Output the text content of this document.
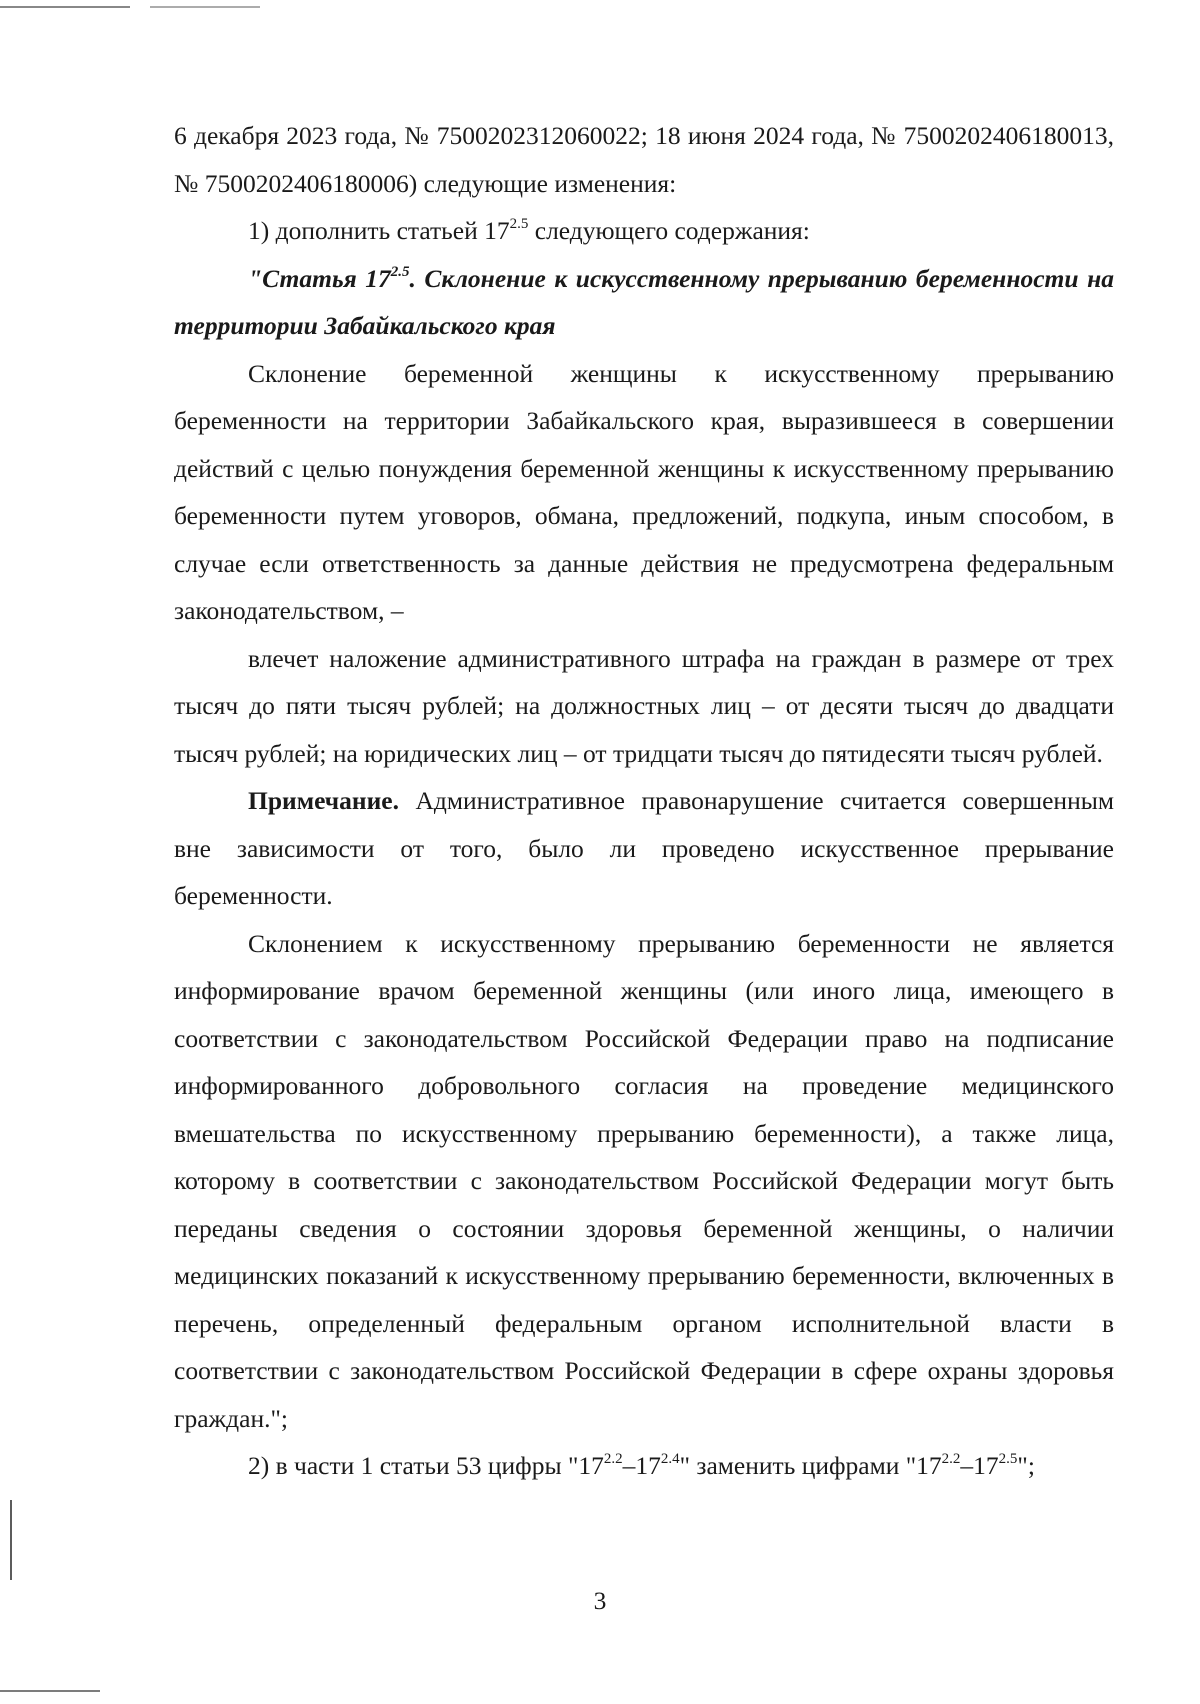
6 декабря 2023 года, № 7500202312060022; 18 июня 2024 года, № 7500202406180013, № 7500202406180006) следующие изменения:

1) дополнить статьей $17^{2.5}$ следующего содержания:

"Статья $17^{2.5}$. Склонение к искусственному прерыванию беременности на территории Забайкальского края

Склонение беременной женщины к искусственному прерыванию беременности на территории Забайкальского края, выразившееся в совершении действий с целью понуждения беременной женщины к искусственному прерыванию беременности путем уговоров, обмана, предложений, подкупа, иным способом, в случае если ответственность за данные действия не предусмотрена федеральным законодательством, –

влечет наложение административного штрафа на граждан в размере от трех тысяч до пяти тысяч рублей; на должностных лиц – от десяти тысяч до двадцати тысяч рублей; на юридических лиц – от тридцати тысяч до пятидесяти тысяч рублей.

Примечание. Административное правонарушение считается совершенным вне зависимости от того, было ли проведено искусственное прерывание беременности.

Склонением к искусственному прерыванию беременности не является информирование врачом беременной женщины (или иного лица, имеющего в соответствии с законодательством Российской Федерации право на подписание информированного добровольного согласия на проведение медицинского вмешательства по искусственному прерыванию беременности), а также лица, которому в соответствии с законодательством Российской Федерации могут быть переданы сведения о состоянии здоровья беременной женщины, о наличии медицинских показаний к искусственному прерыванию беременности, включенных в перечень, определенный федеральным органом исполнительной власти в соответствии с законодательством Российской Федерации в сфере охраны здоровья граждан.";

2) в части 1 статьи 53 цифры "$17^{2.2}-17^{2.4}$" заменить цифрами "$17^{2.2}-17^{2.5}$";

3
